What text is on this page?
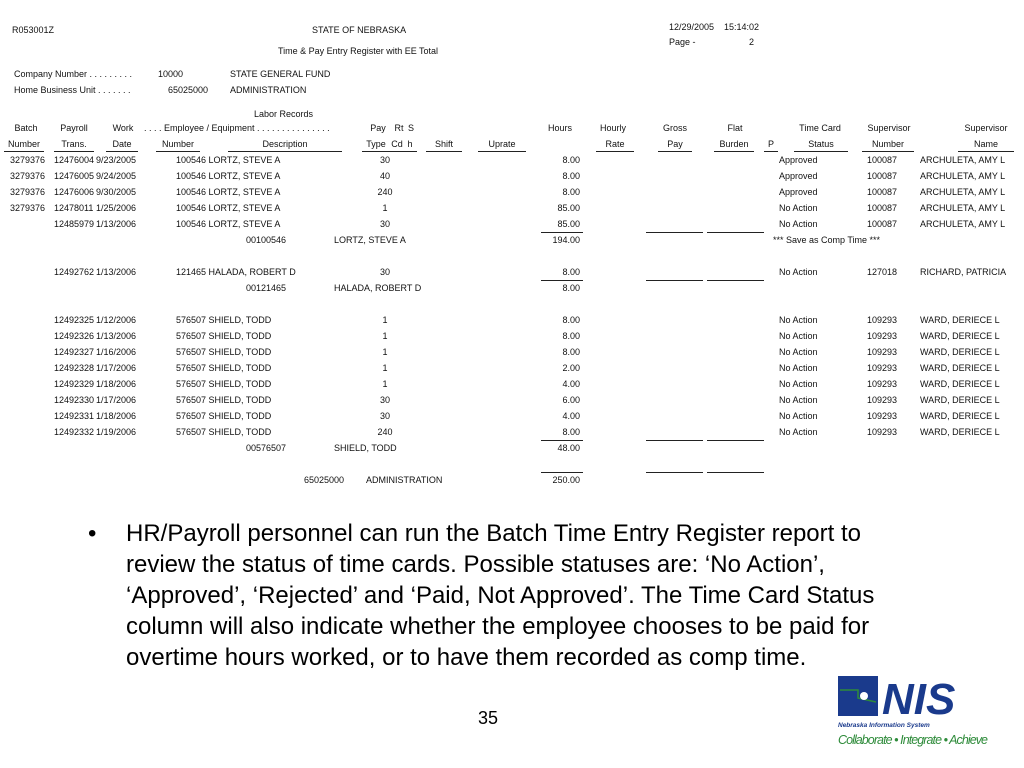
R053001Z	STATE OF NEBRASKA
Time & Pay Entry Register with EE Total
12/29/2005 15:14:02
Page -	2
Company Number . . . . . . . . .	10000	STATE GENERAL FUND
Home Business Unit . . . . . . .	65025000 ADMINISTRATION
Labor Records
Batch	Payroll	Work . . . . Employee / Equipment . . . . . . . . . . . . . . .	Pay Rt S	Hours	Hourly	Gross	Flat	Time Card	Supervisor	Supervisor
Number	Trans.	Date	Number	Description	Type Cd h	Shift	Uprate	Rate	Pay	Burden	P	Status	Number	Name
3279376 12476004 9/23/2005	100546 LORTZ, STEVE A	30	8.00	Approved	100087	ARCHULETA, AMY L
3279376 12476005 9/24/2005	100546 LORTZ, STEVE A	40	8.00	Approved	100087	ARCHULETA, AMY L
3279376 12476006 9/30/2005	100546 LORTZ, STEVE A	240	8.00	Approved	100087	ARCHULETA, AMY L
3279376 12478011 1/25/2006	100546 LORTZ, STEVE A	1	85.00	No Action	100087	ARCHULETA, AMY L
12485979 1/13/2006	100546 LORTZ, STEVE A	30	85.00	No Action	100087	ARCHULETA, AMY L
00100546	LORTZ, STEVE A	194.00	*** Save as Comp Time ***
12492762 1/13/2006	121465 HALADA, ROBERT D	30	8.00	No Action	127018	RICHARD, PATRICIA
00121465	HALADA, ROBERT D	8.00
12492325 1/12/2006	576507 SHIELD, TODD	1	8.00	No Action	109293	WARD, DERIECE L
12492326 1/13/2006	576507 SHIELD, TODD	1	8.00	No Action	109293	WARD, DERIECE L
12492327 1/16/2006	576507 SHIELD, TODD	1	8.00	No Action	109293	WARD, DERIECE L
12492328 1/17/2006	576507 SHIELD, TODD	1	2.00	No Action	109293	WARD, DERIECE L
12492329 1/18/2006	576507 SHIELD, TODD	1	4.00	No Action	109293	WARD, DERIECE L
12492330 1/17/2006	576507 SHIELD, TODD	30	6.00	No Action	109293	WARD, DERIECE L
12492331 1/18/2006	576507 SHIELD, TODD	30	4.00	No Action	109293	WARD, DERIECE L
12492332 1/19/2006	576507 SHIELD, TODD	240	8.00	No Action	109293	WARD, DERIECE L
00576507	SHIELD, TODD	48.00
65025000 ADMINISTRATION	250.00
• HR/Payroll personnel can run the Batch Time Entry Register report to review the status of time cards. Possible statuses are: ‘No Action’, ‘Approved’, ‘Rejected’ and ‘Paid, Not Approved’. The Time Card Status column will also indicate whether the employee chooses to be paid for overtime hours worked, or to have them recorded as comp time.
35	NIS
Nebraska Information System
Collaborate • Integrate • Achieve
